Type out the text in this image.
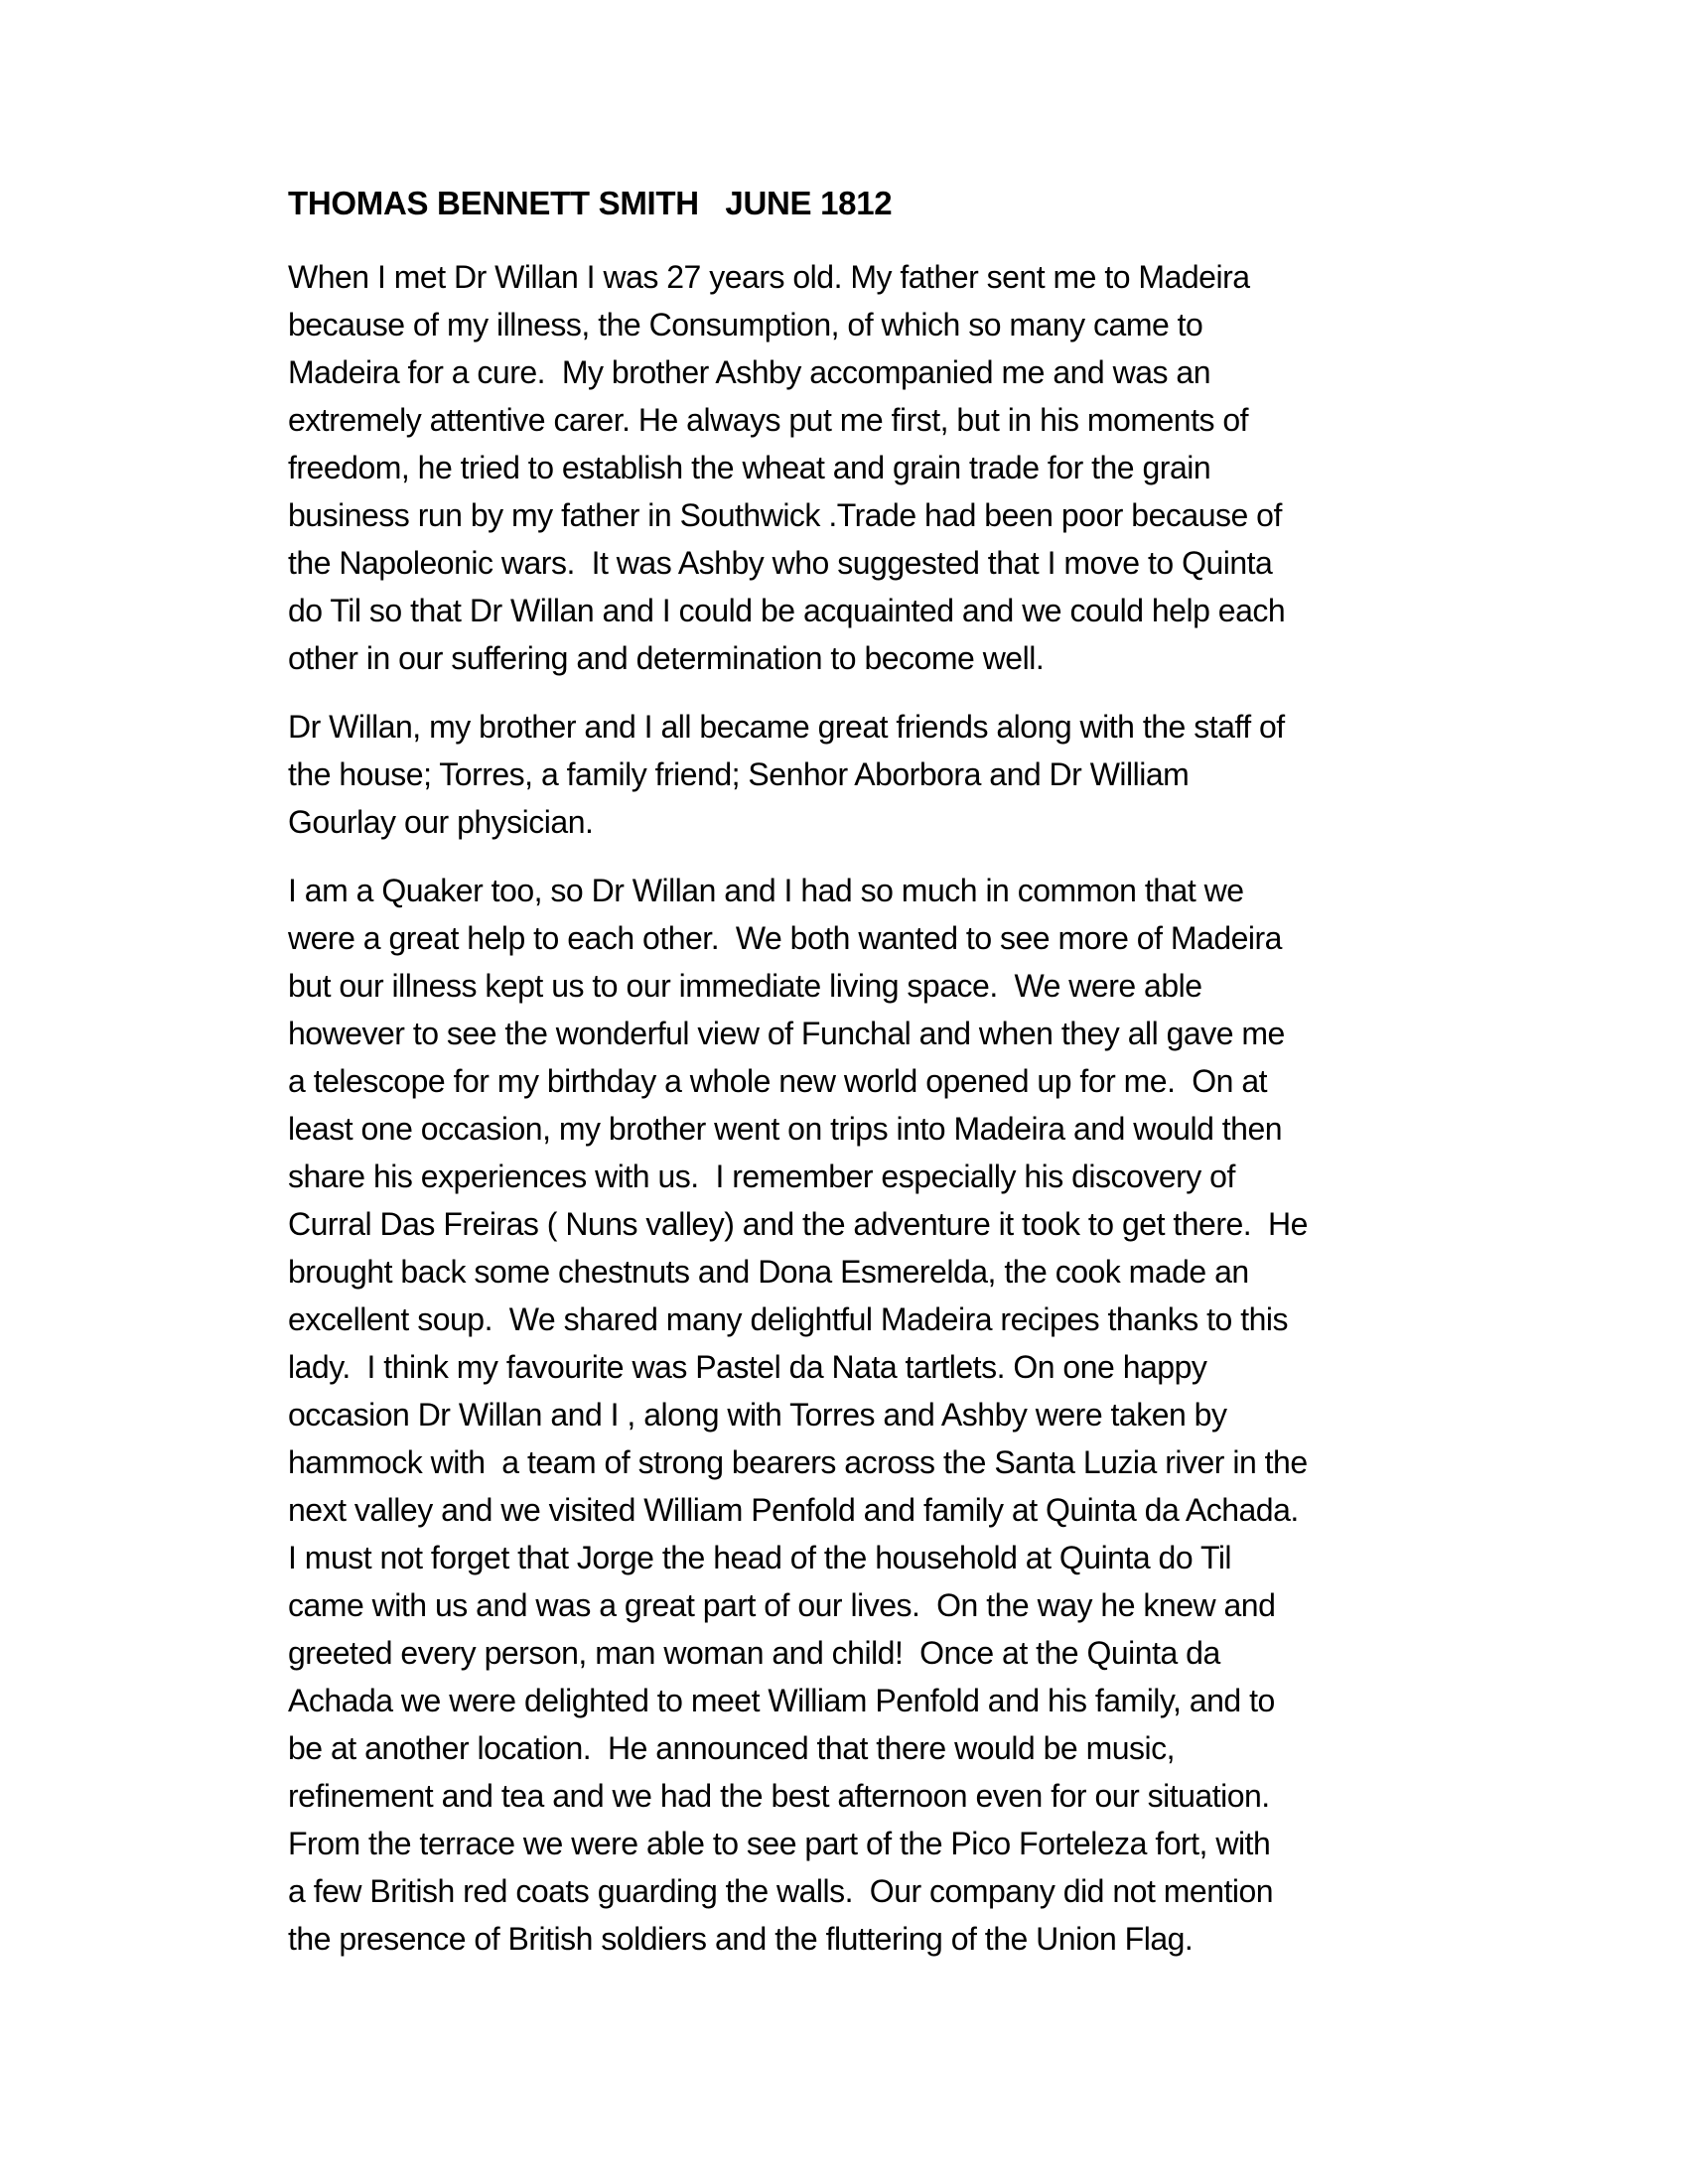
THOMAS BENNETT SMITH   JUNE 1812

When I met Dr Willan I was 27 years old. My father sent me to Madeira
because of my illness, the Consumption, of which so many came to
Madeira for a cure.  My brother Ashby accompanied me and was an
extremely attentive carer. He always put me first, but in his moments of
freedom, he tried to establish the wheat and grain trade for the grain
business run by my father in Southwick .Trade had been poor because of
the Napoleonic wars.  It was Ashby who suggested that I move to Quinta
do Til so that Dr Willan and I could be acquainted and we could help each
other in our suffering and determination to become well.

Dr Willan, my brother and I all became great friends along with the staff of
the house; Torres, a family friend; Senhor Aborbora and Dr William
Gourlay our physician.

I am a Quaker too, so Dr Willan and I had so much in common that we
were a great help to each other.  We both wanted to see more of Madeira
but our illness kept us to our immediate living space.  We were able
however to see the wonderful view of Funchal and when they all gave me
a telescope for my birthday a whole new world opened up for me.  On at
least one occasion, my brother went on trips into Madeira and would then
share his experiences with us.  I remember especially his discovery of
Curral Das Freiras ( Nuns valley) and the adventure it took to get there.  He
brought back some chestnuts and Dona Esmerelda, the cook made an
excellent soup.  We shared many delightful Madeira recipes thanks to this
lady.  I think my favourite was Pastel da Nata tartlets. On one happy
occasion Dr Willan and I , along with Torres and Ashby were taken by
hammock with  a team of strong bearers across the Santa Luzia river in the
next valley and we visited William Penfold and family at Quinta da Achada.
I must not forget that Jorge the head of the household at Quinta do Til
came with us and was a great part of our lives.  On the way he knew and
greeted every person, man woman and child!  Once at the Quinta da
Achada we were delighted to meet William Penfold and his family, and to
be at another location.  He announced that there would be music,
refinement and tea and we had the best afternoon even for our situation.
From the terrace we were able to see part of the Pico Forteleza fort, with
a few British red coats guarding the walls.  Our company did not mention
the presence of British soldiers and the fluttering of the Union Flag.
